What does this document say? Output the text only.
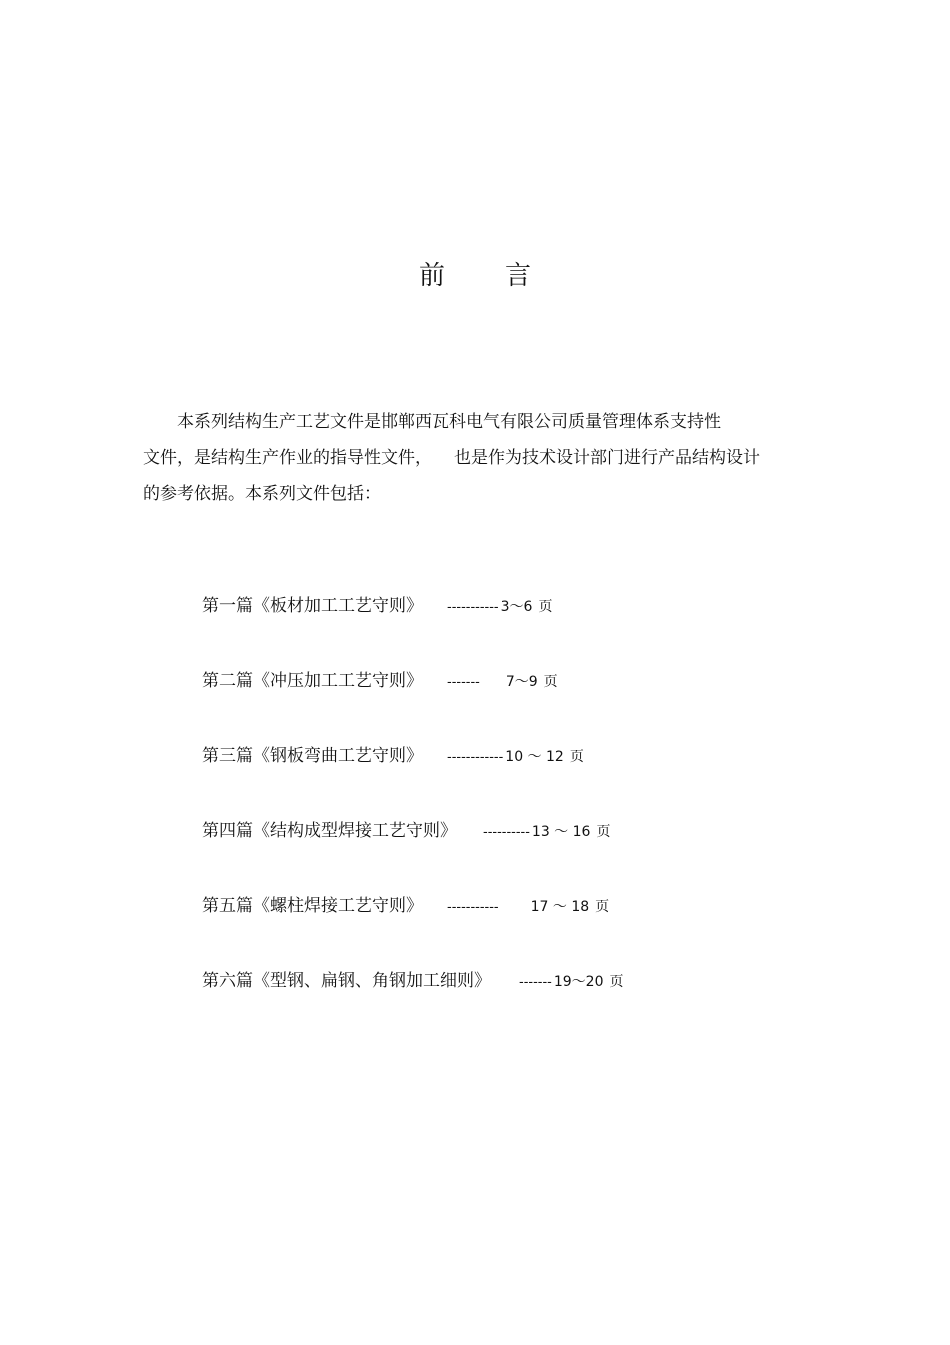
前 言
本系列结构生产工艺文件是邯郸西瓦科电气有限公司质量管理体系支持性
文件，是结构生产作业的指导性文件， 也是作为技术设计部门进行产品结构设计
的参考依据。本系列文件包括：
第一篇《板材加工工艺守则》 ----------- 3～6 页
第二篇《冲压加工工艺守则》 ------- 7～9 页
第三篇《钢板弯曲工艺守则》 ------------ 10 ～ 12 页
第四篇《结构成型焊接工艺守则》 ---------- 13 ～ 16 页
第五篇《螺柱焊接工艺守则》 ----------- 17 ～ 18 页
第六篇《型钢、扁钢、角钢加工细则》 ------- 19～20 页
